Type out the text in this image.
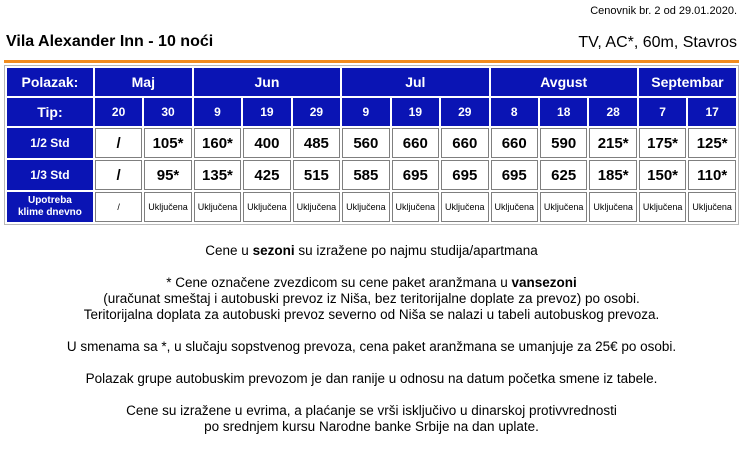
Cenovnik br. 2 od 29.01.2020.
Vila Alexander Inn - 10 noći	TV, AC*, 60m, Stavros
Polazak:	Maj		Jun			Jul			Avgust			Septembar	
Tip:	20	30	9	19	29	9	19	29	8	18	28	7	17
1/2 Std	/	105*	160*	400	485	560	660	660	660	590	215*	175*	125*
1/3 Std	/	95*	135*	425	515	585	695	695	695	625	185*	150*	110*
Upotreba
klime dnevno	/	Uključena	Uključena	Uključena	Uključena	Uključena	Uključena	Uključena	Uključena	Uključena	Uključena	Uključena	Uključena

Cene u sezoni su izražene po najmu studija/apartmana

* Cene označene zvezdicom su cene paket aranžmana u vansezoni
(uračunat smeštaj i autobuski prevoz iz Niša, bez teritorijalne doplate za prevoz) po osobi.
Teritorijalna doplata za autobuski prevoz severno od Niša se nalazi u tabeli autobuskog prevoza.

U smenama sa *, u slučaju sopstvenog prevoza, cena paket aranžmana se umanjuje za 25€ po osobi.

Polazak grupe autobuskim prevozom je dan ranije u odnosu na datum početka smene iz tabele.

Cene su izražene u evrima, a plaćanje se vrši isključivo u dinarskoj protivvrednosti
po srednjem kursu Narodne banke Srbije na dan uplate.
